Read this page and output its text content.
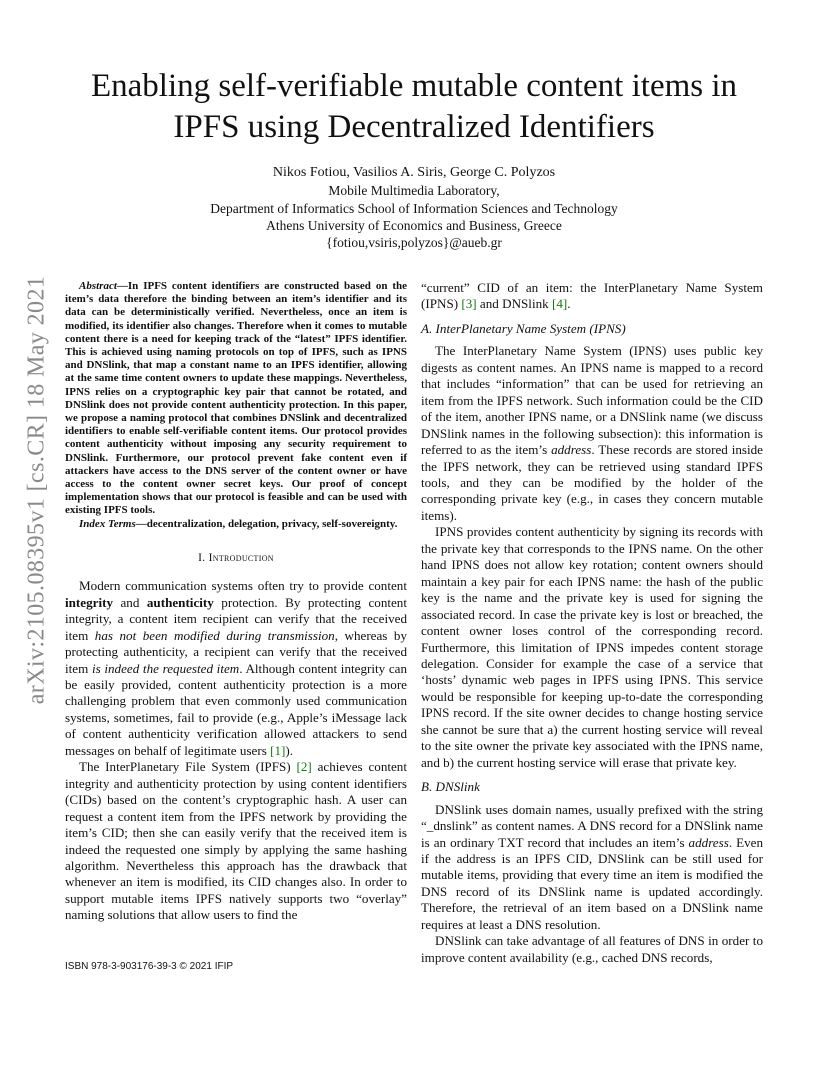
arXiv:2105.08395v1 [cs.CR] 18 May 2021
Enabling self-verifiable mutable content items in
IPFS using Decentralized Identifiers
Nikos Fotiou, Vasilios A. Siris, George C. Polyzos
Mobile Multimedia Laboratory,
Department of Informatics School of Information Sciences and Technology
Athens University of Economics and Business, Greece
{fotiou,vsiris,polyzos}@aueb.gr

Abstract—In IPFS content identifiers are constructed based on the item’s data therefore the binding between an item’s identifier and its data can be deterministically verified. Nevertheless, once an item is modified, its identifier also changes. Therefore when it comes to mutable content there is a need for keeping track of the “latest” IPFS identifier. This is achieved using naming protocols on top of IPFS, such as IPNS and DNSlink, that map a constant name to an IPFS identifier, allowing at the same time content owners to update these mappings. Nevertheless, IPNS relies on a cryptographic key pair that cannot be rotated, and DNSlink does not provide content authenticity protection. In this paper, we propose a naming protocol that combines DNSlink and decentralized identifiers to enable self-verifiable content items. Our protocol provides content authenticity without imposing any security requirement to DNSlink. Furthermore, our protocol prevent fake content even if attackers have access to the DNS server of the content owner or have access to the content owner secret keys. Our proof of concept implementation shows that our protocol is feasible and can be used with existing IPFS tools.

Index Terms—decentralization, delegation, privacy, self-sovereignty.

I. Introduction

Modern communication systems often try to provide content integrity and authenticity protection. By protecting content integrity, a content item recipient can verify that the received item has not been modified during transmission, whereas by protecting authenticity, a recipient can verify that the received item is indeed the requested item. Although content integrity can be easily provided, content authenticity protection is a more challenging problem that even commonly used communication systems, sometimes, fail to provide (e.g., Apple’s iMessage lack of content authenticity verification allowed attackers to send messages on behalf of legitimate users [1]).

The InterPlanetary File System (IPFS) [2] achieves content integrity and authenticity protection by using content identifiers (CIDs) based on the content’s cryptographic hash. A user can request a content item from the IPFS network by providing the item’s CID; then she can easily verify that the received item is indeed the requested one simply by applying the same hashing algorithm. Nevertheless this approach has the drawback that whenever an item is modified, its CID changes also. In order to support mutable items IPFS natively supports two “overlay” naming solutions that allow users to find the

“current” CID of an item: the InterPlanetary Name System (IPNS) [3] and DNSlink [4].

A. InterPlanetary Name System (IPNS)

The InterPlanetary Name System (IPNS) uses public key digests as content names. An IPNS name is mapped to a record that includes “information” that can be used for retrieving an item from the IPFS network. Such information could be the CID of the item, another IPNS name, or a DNSlink name (we discuss DNSlink names in the following subsection): this information is referred to as the item’s address. These records are stored inside the IPFS network, they can be retrieved using standard IPFS tools, and they can be modified by the holder of the corresponding private key (e.g., in cases they concern mutable items).

IPNS provides content authenticity by signing its records with the private key that corresponds to the IPNS name. On the other hand IPNS does not allow key rotation; content owners should maintain a key pair for each IPNS name: the hash of the public key is the name and the private key is used for signing the associated record. In case the private key is lost or breached, the content owner loses control of the corresponding record. Furthermore, this limitation of IPNS impedes content storage delegation. Consider for example the case of a service that ‘hosts’ dynamic web pages in IPFS using IPNS. This service would be responsible for keeping up-to-date the corresponding IPNS record. If the site owner decides to change hosting service she cannot be sure that a) the current hosting service will reveal to the site owner the private key associated with the IPNS name, and b) the current hosting service will erase that private key.

B. DNSlink

DNSlink uses domain names, usually prefixed with the string “_dnslink” as content names. A DNS record for a DNSlink name is an ordinary TXT record that includes an item’s address. Even if the address is an IPFS CID, DNSlink can be still used for mutable items, providing that every time an item is modified the DNS record of its DNSlink name is updated accordingly. Therefore, the retrieval of an item based on a DNSlink name requires at least a DNS resolution.

DNSlink can take advantage of all features of DNS in order to improve content availability (e.g., cached DNS records,

ISBN 978-3-903176-39-3 © 2021 IFIP
